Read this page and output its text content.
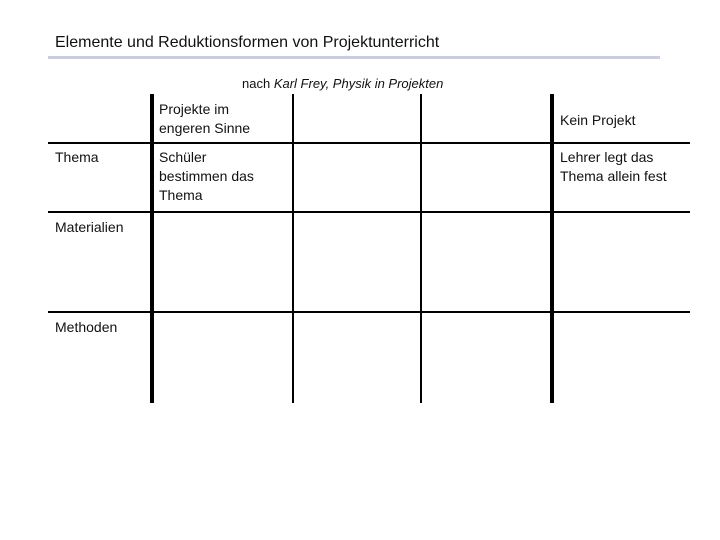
Elemente und Reduktionsformen von Projektunterricht
nach Karl Frey, Physik in Projekten
Projekte im
engeren Sinne	Kein Projekt
Thema
Materialien
Methoden
Schüler
bestimmen das
Thema
Lehrer legt das
Thema allein fest
